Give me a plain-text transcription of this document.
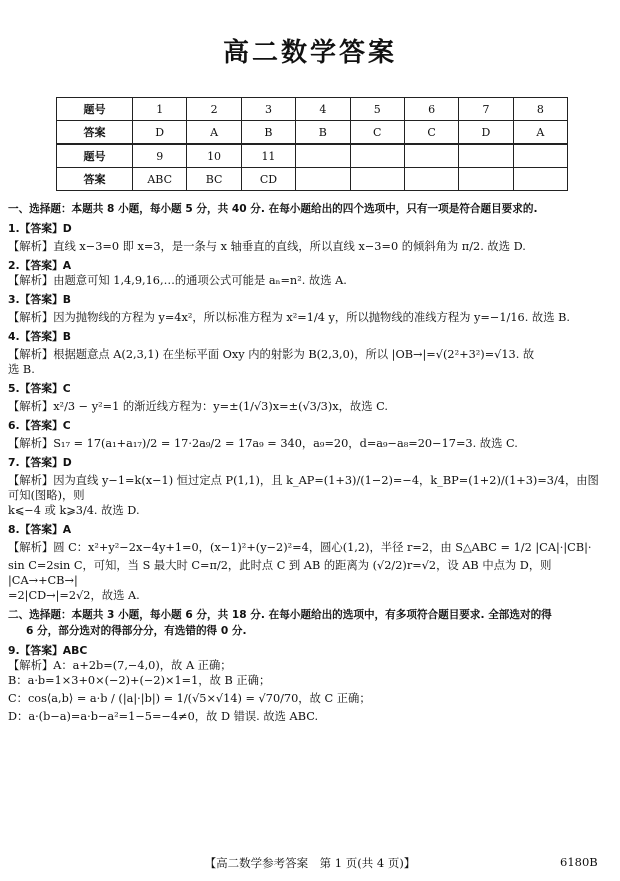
高二数学答案
题号	1	2	3	4	5	6	7	8
答案	D	A	B	B	C	C	D	A
题号	9	10	11					
答案	ABC	BC	CD					
一、选择题：本题共 8 小题，每小题 5 分，共 40 分. 在每小题给出的四个选项中，只有一项是符合题目要求的.
1.【答案】D
【解析】直线 x−3=0 即 x=3，是一条与 x 轴垂直的直线，所以直线 x−3=0 的倾斜角为 π/2. 故选 D.
2.【答案】A
【解析】由题意可知 1,4,9,16,…的通项公式可能是 aₙ=n². 故选 A.
3.【答案】B
【解析】因为抛物线的方程为 y=4x²，所以标准方程为 x²=1/4 y，所以抛物线的准线方程为 y=−1/16. 故选 B.
4.【答案】B
【解析】根据题意点 A(2,3,1) 在坐标平面 Oxy 内的射影为 B(2,3,0)，所以 |OB→|=√(2²+3²)=√13. 故
选 B.
5.【答案】C
【解析】x²/3 − y²=1 的渐近线方程为：y=±(1/√3)x=±(√3/3)x，故选 C.
6.【答案】C
【解析】S₁₇ = 17(a₁+a₁₇)/2 = 17·2a₉/2 = 17a₉ = 340，a₉=20，d=a₉−a₈=20−17=3. 故选 C.
7.【答案】D
【解析】因为直线 y−1=k(x−1) 恒过定点 P(1,1)，且 k_AP=(1+3)/(1−2)=−4，k_BP=(1+2)/(1+3)=3/4，由图可知(图略)，则
k⩽−4 或 k⩾3/4. 故选 D.
8.【答案】A
【解析】圆 C：x²+y²−2x−4y+1=0，(x−1)²+(y−2)²=4，圆心(1,2)，半径 r=2，由 S△ABC = 1/2 |CA|·|CB|·
sin C=2sin C，可知，当 S 最大时 C=π/2，此时点 C 到 AB 的距离为 (√2/2)r=√2，设 AB 中点为 D，则 |CA→+CB→|
=2|CD→|=2√2，故选 A.
二、选择题：本题共 3 小题，每小题 6 分，共 18 分. 在每小题给出的选项中，有多项符合题目要求. 全部选对的得
6 分，部分选对的得部分分，有选错的得 0 分.
9.【答案】ABC
【解析】A：a+2b=(7,−4,0)，故 A 正确；
B：a·b=1×3+0×(−2)+(−2)×1=1，故 B 正确；
C：cos⟨a,b⟩ = a·b / (|a|·|b|) = 1/(√5×√14) = √70/70，故 C 正确；
D：a·(b−a)=a·b−a²=1−5=−4≠0，故 D 错误. 故选 ABC.
【高二数学参考答案　第 1 页(共 4 页)】	6180B
